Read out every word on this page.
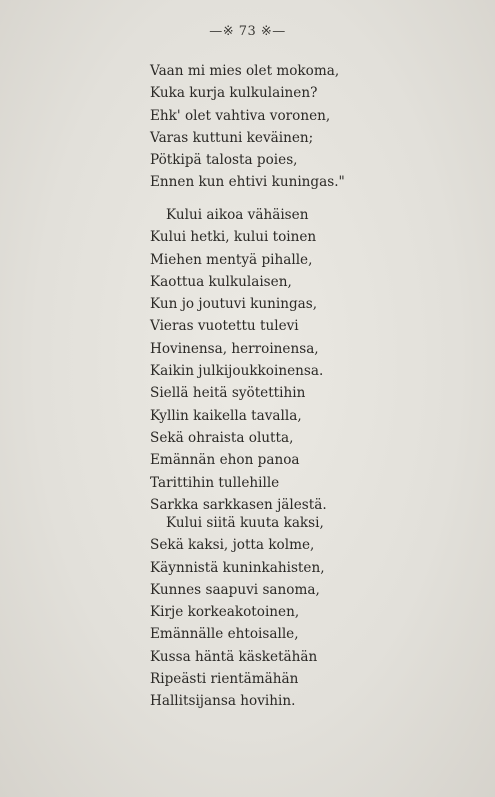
—※ 73 ※—
Vaan mi mies olet mokoma,
Kuka kurja kulkulainen?
Ehk' olet vahtiva voronen,
Varas kuttuni keväinen;
Pötkipä talosta poies,
Ennen kun ehtivi kuningas."
Kului aikoa vähäisen
Kului hetki, kului toinen
Miehen mentyä pihalle,
Kaottua kulkulaisen,
Kun jo joutuvi kuningas,
Vieras vuotettu tulevi
Hovinensa, herroinensa,
Kaikin julkijoukkoinensa.
Siellä heitä syötettihin
Kyllin kaikella tavalla,
Sekä ohraista olutta,
Emännän ehon panoa
Tarittihin tullehille
Sarkka sarkkasen jälestä.
Kului siitä kuuta kaksi,
Sekä kaksi, jotta kolme,
Käynnistä kuninkahisten,
Kunnes saapuvi sanoma,
Kirje korkeakotoinen,
Emännälle ehtoisalle,
Kussa häntä käsketähän
Ripeästi rientämähän
Hallitsijansa hovihin.
